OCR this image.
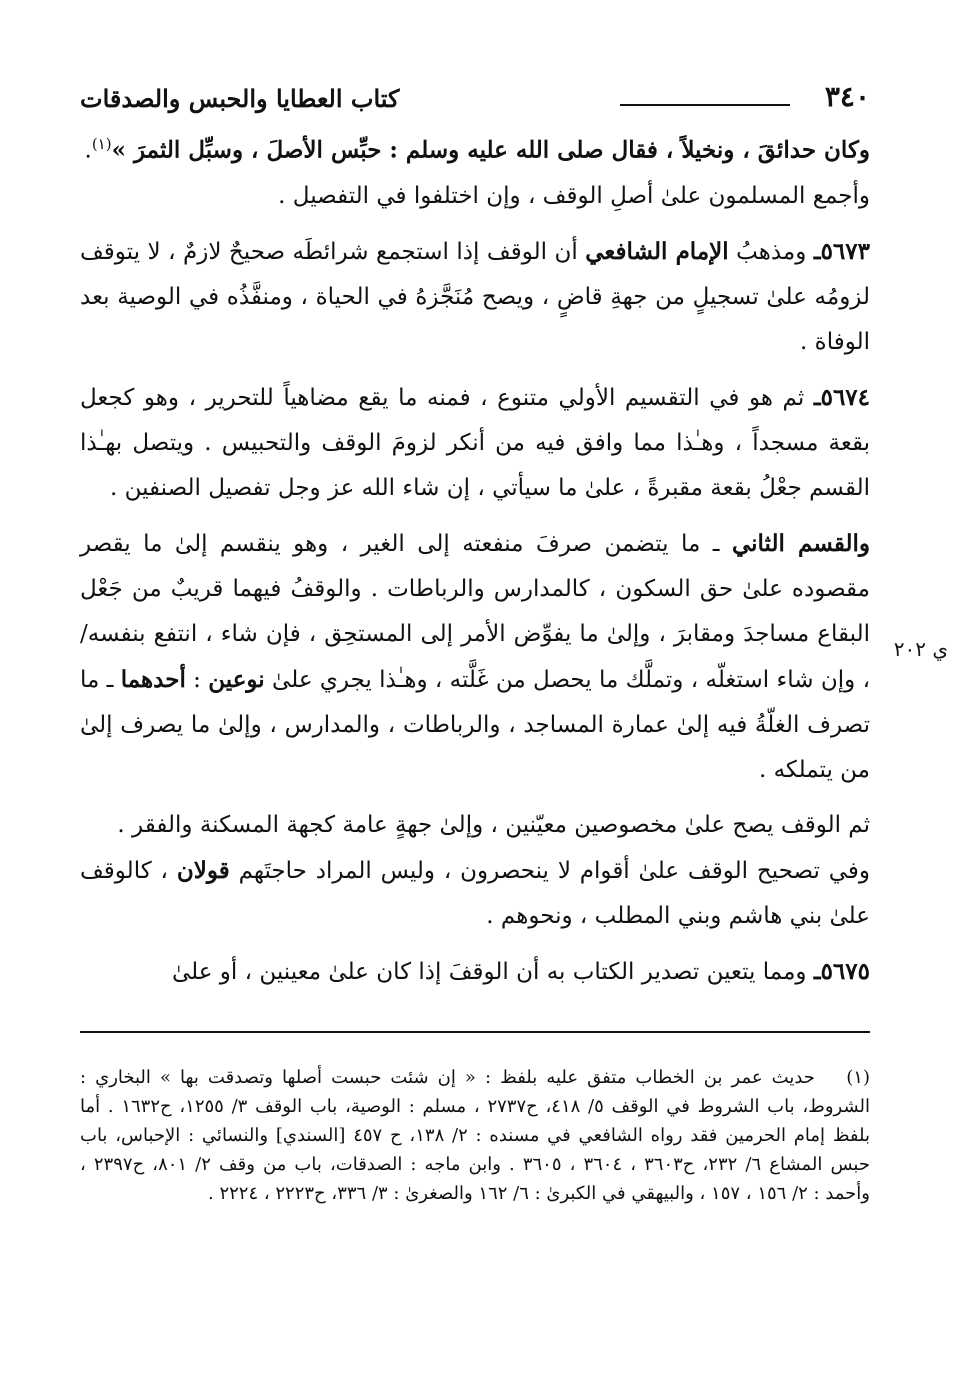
٣٤٠
كتاب العطايا والحبس والصدقات

وكان حدائقَ ، ونخيلاً ، فقال صلى الله عليه وسلم : حبِّس الأصلَ ، وسبِّل الثمرَ »$^{(١)}$.

وأجمع المسلمون علىٰ أصلِ الوقف ، وإن اختلفوا في التفصيل .

٥٦٧٣ـ ومذهبُ الإمام الشافعي أن الوقف إذا استجمع شرائطَه صحيحٌ لازمٌ ، لا يتوقف لزومُه علىٰ تسجيلٍ من جهةِ قاضٍ ، ويصح مُنَجَّزهُ في الحياة ، ومنفَّذُه في الوصية بعد الوفاة .

٥٦٧٤ـ ثم هو في التقسيم الأولي متنوع ، فمنه ما يقع مضاهياً للتحرير ، وهو كجعل بقعة مسجداً ، وهـٰذا مما وافق فيه من أنكر لزومَ الوقف والتحبيس . ويتصل بهـٰذا القسم جعْلُ بقعة مقبرةً ، علىٰ ما سيأتي ، إن شاء الله عز وجل تفصيل الصنفين .

والقسم الثاني ـ ما يتضمن صرفَ منفعته إلى الغير ، وهو ينقسم إلىٰ ما يقصر مقصوده علىٰ حق السكون ، كالمدارس والرباطات . والوقفُ فيهما قريبٌ من جَعْل البقاع مساجدَ ومقابرَ ، وإلىٰ ما يفوِّض الأمر إلى المستحِق ، فإن شاء ، انتفع بنفسه/ ، وإن شاء استغلّه ، وتملَّك ما يحصل من غَلَّته ، وهـٰذا يجري علىٰ نوعين : أحدهما ـ ما تصرف الغلّةُ فيه إلىٰ عمارة المساجد ، والرباطات ، والمدارس ، وإلىٰ ما يصرف إلىٰ من يتملكه .

ثم الوقف يصح علىٰ مخصوصين معيّنين ، وإلىٰ جهةٍ عامة كجهة المسكنة والفقر .

وفي تصحيح الوقف علىٰ أقوام لا ينحصرون ، وليس المراد حاجتَهم قولان ، كالوقف علىٰ بني هاشم وبني المطلب ، ونحوهم .

٥٦٧٥ـ ومما يتعين تصدير الكتاب به أن الوقفَ إذا كان علىٰ معينين ، أو علىٰ

ي ٢٠٢
(١) حديث عمر بن الخطاب متفق عليه بلفظ : « إن شئت حبست أصلها وتصدقت بها » البخاري : الشروط، باب الشروط في الوقف ٥/ ٤١٨، ح٢٧٣٧ ، مسلم : الوصية، باب الوقف ٣/ ١٢٥٥، ح١٦٣٢ . أما بلفظ إمام الحرمين فقد رواه الشافعي في مسنده : ٢/ ١٣٨، ح ٤٥٧ [السندي] والنسائي : الإحباس، باب حبس المشاع ٦/ ٢٣٢، ح٣٦٠٣ ، ٣٦٠٤ ، ٣٦٠٥ . وابن ماجه : الصدقات، باب من وقف ٢/ ٨٠١، ح٢٣٩٧ ، وأحمد : ٢/ ١٥٦ ، ١٥٧ ، والبيهقي في الكبرىٰ : ٦/ ١٦٢ والصغرىٰ : ٣/ ٣٣٦، ح٢٢٢٣ ، ٢٢٢٤ .
